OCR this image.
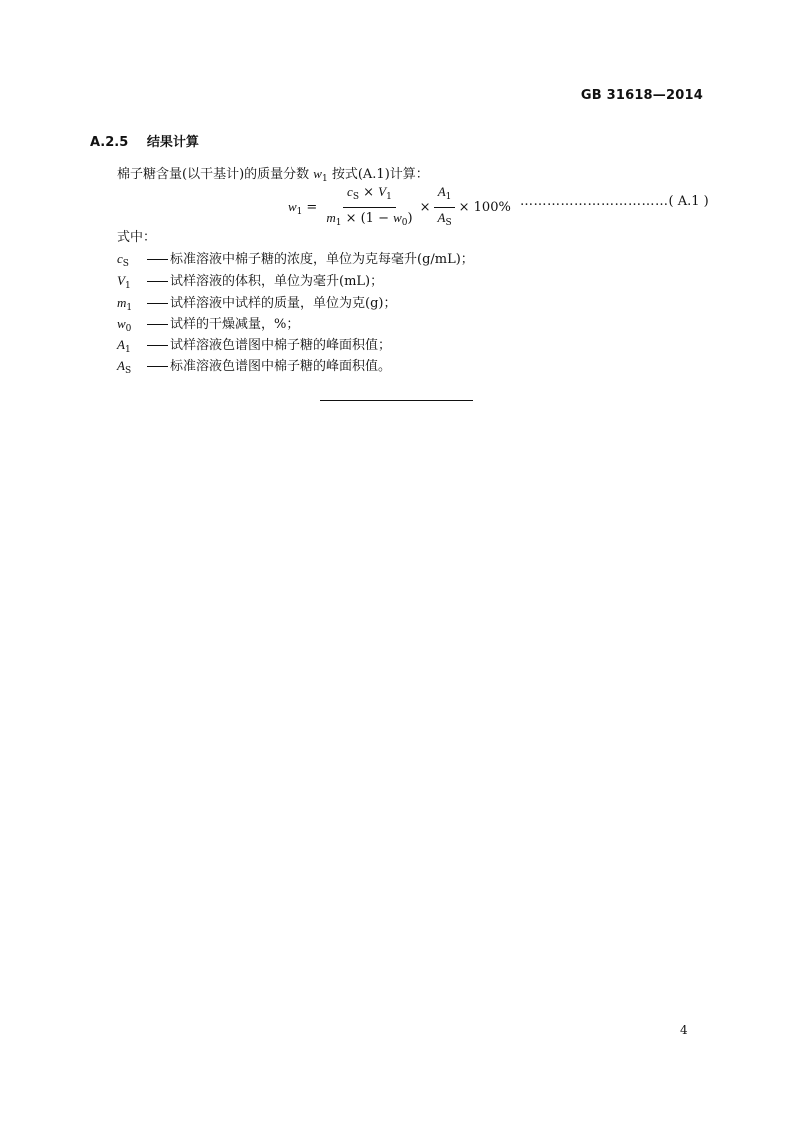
GB 31618—2014
A.2.5 结果计算
棉子糖含量(以干基计)的质量分数 $w_1$ 按式(A.1)计算：
$w_1 = \frac{c_S \times V_1}{m_1 \times (1 - w_0)} \times \frac{A_1}{A_S} \times 100\%$ ……………………………( A.1 )
式中：
$c_S$	标准溶液中棉子糖的浓度，单位为克每毫升(g/mL)；
$V_1$	试样溶液的体积，单位为毫升(mL)；
$m_1$	试样溶液中试样的质量，单位为克(g)；
$w_0$	试样的干燥减量，%；
$A_1$	试样溶液色谱图中棉子糖的峰面积值；
$A_S$	标准溶液色谱图中棉子糖的峰面积值。
4
